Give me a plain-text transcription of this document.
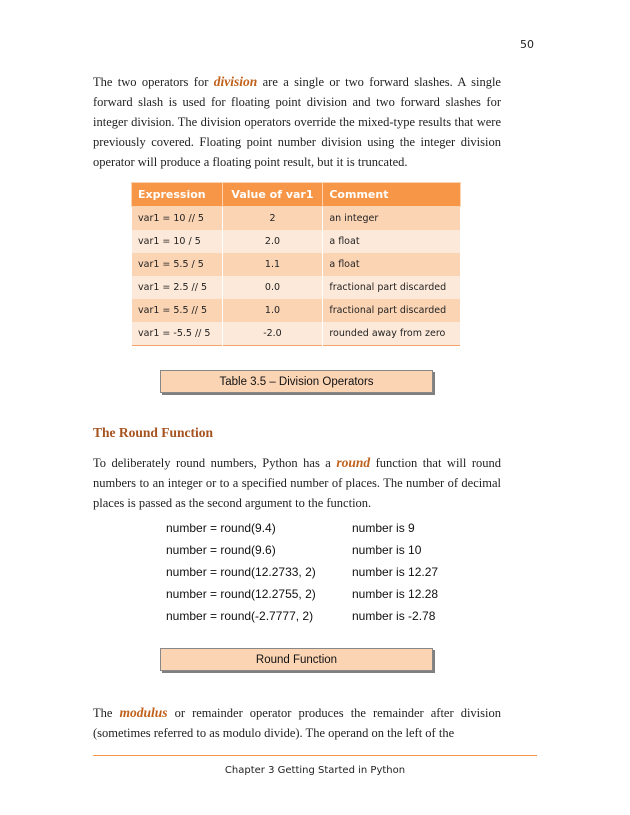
50
The two operators for division are a single or two forward slashes. A single forward slash is used for floating point division and two forward slashes for integer division. The division operators override the mixed-type results that were previously covered. Floating point number division using the integer division operator will produce a floating point result, but it is truncated.
Expression	Value of var1	Comment
var1 = 10 // 5	2	an integer
var1 = 10 / 5	2.0	a float
var1 = 5.5 / 5	1.1	a float
var1 = 2.5 // 5	0.0	fractional part discarded
var1 = 5.5 // 5	1.0	fractional part discarded
var1 = -5.5 // 5	-2.0	rounded away from zero
Table 3.5 – Division Operators
The Round Function
To deliberately round numbers, Python has a round function that will round numbers to an integer or to a specified number of places. The number of decimal places is passed as the second argument to the function.
number = round(9.4)	number is 9
number = round(9.6)	number is 10
number = round(12.2733, 2)	number is 12.27
number = round(12.2755, 2)	number is 12.28
number = round(-2.7777, 2)	number is -2.78
Round Function
The modulus or remainder operator produces the remainder after division (sometimes referred to as modulo divide). The operand on the left of the
Chapter 3 Getting Started in Python
